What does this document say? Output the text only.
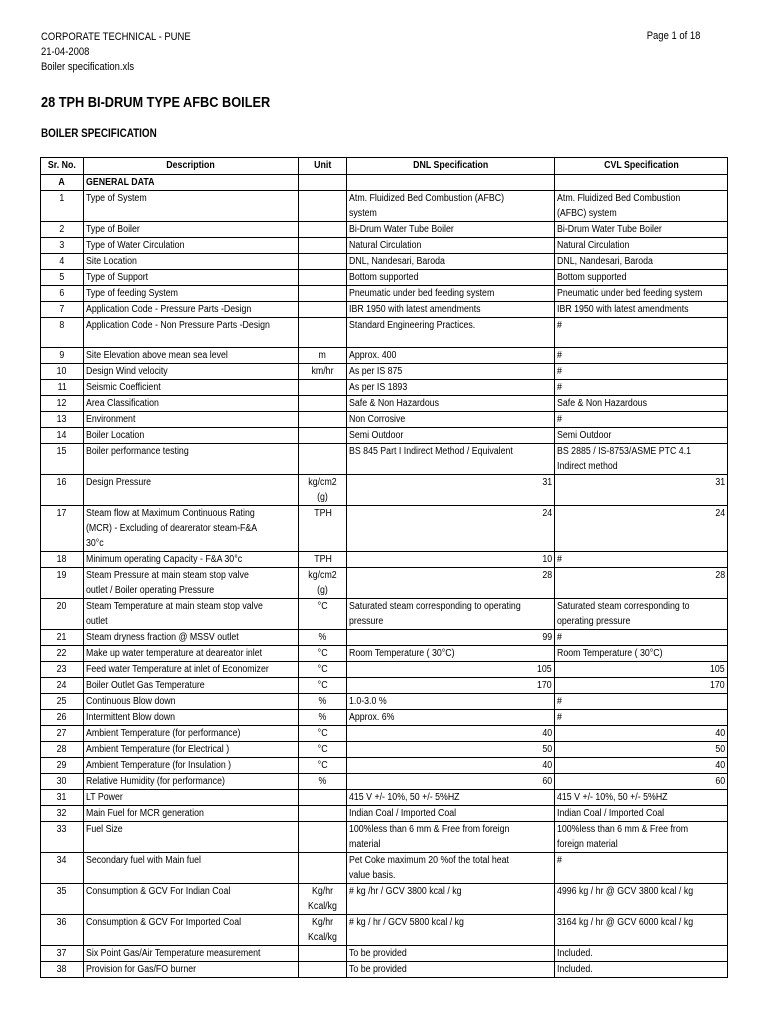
CORPORATE TECHNICAL - PUNE
21-04-2008
Boiler specification.xls
Page 1 of 18
28 TPH BI-DRUM TYPE AFBC BOILER
BOILER SPECIFICATION
Sr. No.	Description	Unit	DNL Specification	CVL Specification
A	GENERAL DATA			
1	Type of System		Atm. Fluidized Bed Combustion (AFBC) system	Atm. Fluidized Bed Combustion (AFBC) system
2	Type of Boiler		Bi-Drum Water Tube Boiler	Bi-Drum Water Tube Boiler
3	Type of Water Circulation		Natural Circulation	Natural Circulation
4	Site Location		DNL, Nandesari, Baroda	DNL, Nandesari, Baroda
5	Type of Support		Bottom supported	Bottom supported
6	Type of feeding System		Pneumatic under bed feeding system	Pneumatic under bed feeding system
7	Application Code - Pressure Parts -Design		IBR 1950 with latest amendments	IBR 1950 with latest amendments
8	Application Code - Non Pressure Parts -Design		Standard Engineering Practices.	#
9	Site Elevation above mean sea level	m	Approx. 400	#
10	Design Wind velocity	km/hr	As per IS 875	#
11	Seismic Coefficient		As per IS 1893	#
12	Area Classification		Safe & Non Hazardous	Safe & Non Hazardous
13	Environment		Non Corrosive	#
14	Boiler Location		Semi Outdoor	Semi Outdoor
15	Boiler performance testing		BS 845 Part I Indirect Method / Equivalent	BS 2885 / IS-8753/ASME PTC 4.1 Indirect method
16	Design Pressure	kg/cm2 (g)	31	31
17	Steam flow at Maximum Continuous Rating (MCR) - Excluding of dearerator steam-F&A 30°c	TPH	24	24
18	Minimum operating Capacity - F&A 30°c	TPH	10	#
19	Steam Pressure at main steam stop valve outlet / Boiler operating Pressure	kg/cm2 (g)	28	28
20	Steam Temperature at main steam stop valve outlet	°C	Saturated steam corresponding to operating pressure	Saturated steam corresponding to operating pressure
21	Steam dryness fraction @ MSSV outlet	%	99	#
22	Make up water temperature at deareator inlet	°C	Room Temperature ( 30°C)	Room Temperature ( 30°C)
23	Feed water Temperature at inlet of Economizer	°C	105	105
24	Boiler Outlet Gas Temperature	°C	170	170
25	Continuous Blow down	%	1.0-3.0 %	#
26	Intermittent Blow down	%	Approx. 6%	#
27	Ambient Temperature (for performance)	°C	40	40
28	Ambient Temperature (for Electrical )	°C	50	50
29	Ambient Temperature (for Insulation )	°C	40	40
30	Relative Humidity (for performance)	%	60	60
31	LT Power		415 V +/- 10%, 50 +/- 5%HZ	415 V +/- 10%, 50 +/- 5%HZ
32	Main Fuel for MCR generation		Indian Coal / Imported Coal	Indian Coal / Imported Coal
33	Fuel Size		100%less than 6 mm & Free from foreign material	100%less than 6 mm & Free from foreign material
34	Secondary fuel with Main fuel		Pet Coke maximum 20 %of the total heat value basis.	#
35	Consumption & GCV For Indian Coal	Kg/hr Kcal/kg	# kg /hr / GCV 3800 kcal / kg	4996 kg / hr @ GCV 3800 kcal / kg
36	Consumption & GCV For Imported Coal	Kg/hr Kcal/kg	# kg / hr / GCV 5800 kcal / kg	3164 kg / hr @ GCV 6000 kcal / kg
37	Six Point Gas/Air Temperature measurement		To be provided	Included.
38	Provision for Gas/FO burner		To be provided	Included.
